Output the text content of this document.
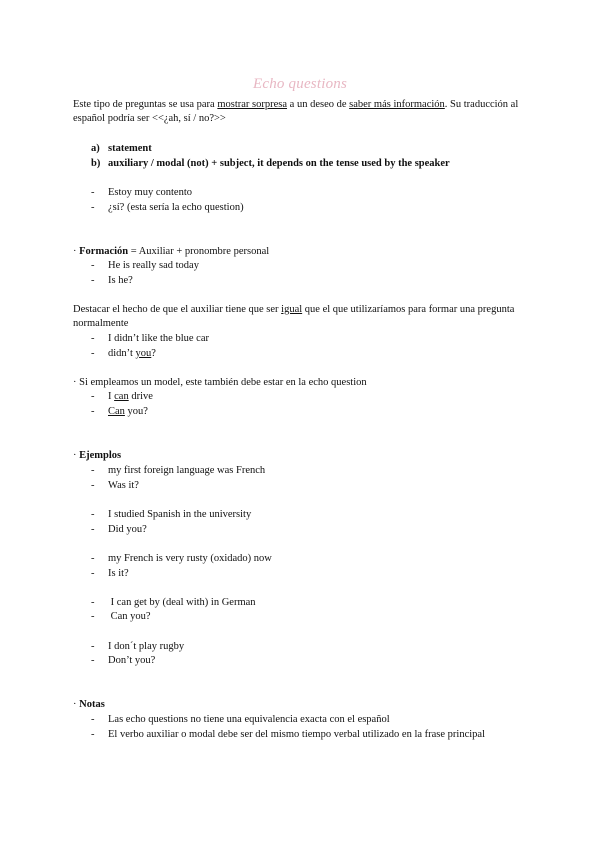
Echo questions
Este tipo de preguntas se usa para mostrar sorpresa a un deseo de saber más información. Su traducción al español podría ser <<¿ah, sí / no?>>
a) statement
b) auxiliary / modal (not) + subject, it depends on the tense used by the speaker
- Estoy muy contento
- ¿sí? (esta sería la echo question)
· Formación = Auxiliar + pronombre personal
- He is really sad today
- Is he?
Destacar el hecho de que el auxiliar tiene que ser igual que el que utilizaríamos para formar una pregunta normalmente
- I didn’t like the blue car
- didn’t you?
· Si empleamos un model, este también debe estar en la echo question
- I can drive
- Can you?
· Ejemplos
- my first foreign language was French
- Was it?
- I studied Spanish in the university
- Did you?
- my French is very rusty (oxidado) now
- Is it?
- I can get by (deal with) in German
- Can you?
- I don´t play rugby
- Don’t you?
· Notas
- Las echo questions no tiene una equivalencia exacta con el español
- El verbo auxiliar o modal debe ser del mismo tiempo verbal utilizado en la frase principal
